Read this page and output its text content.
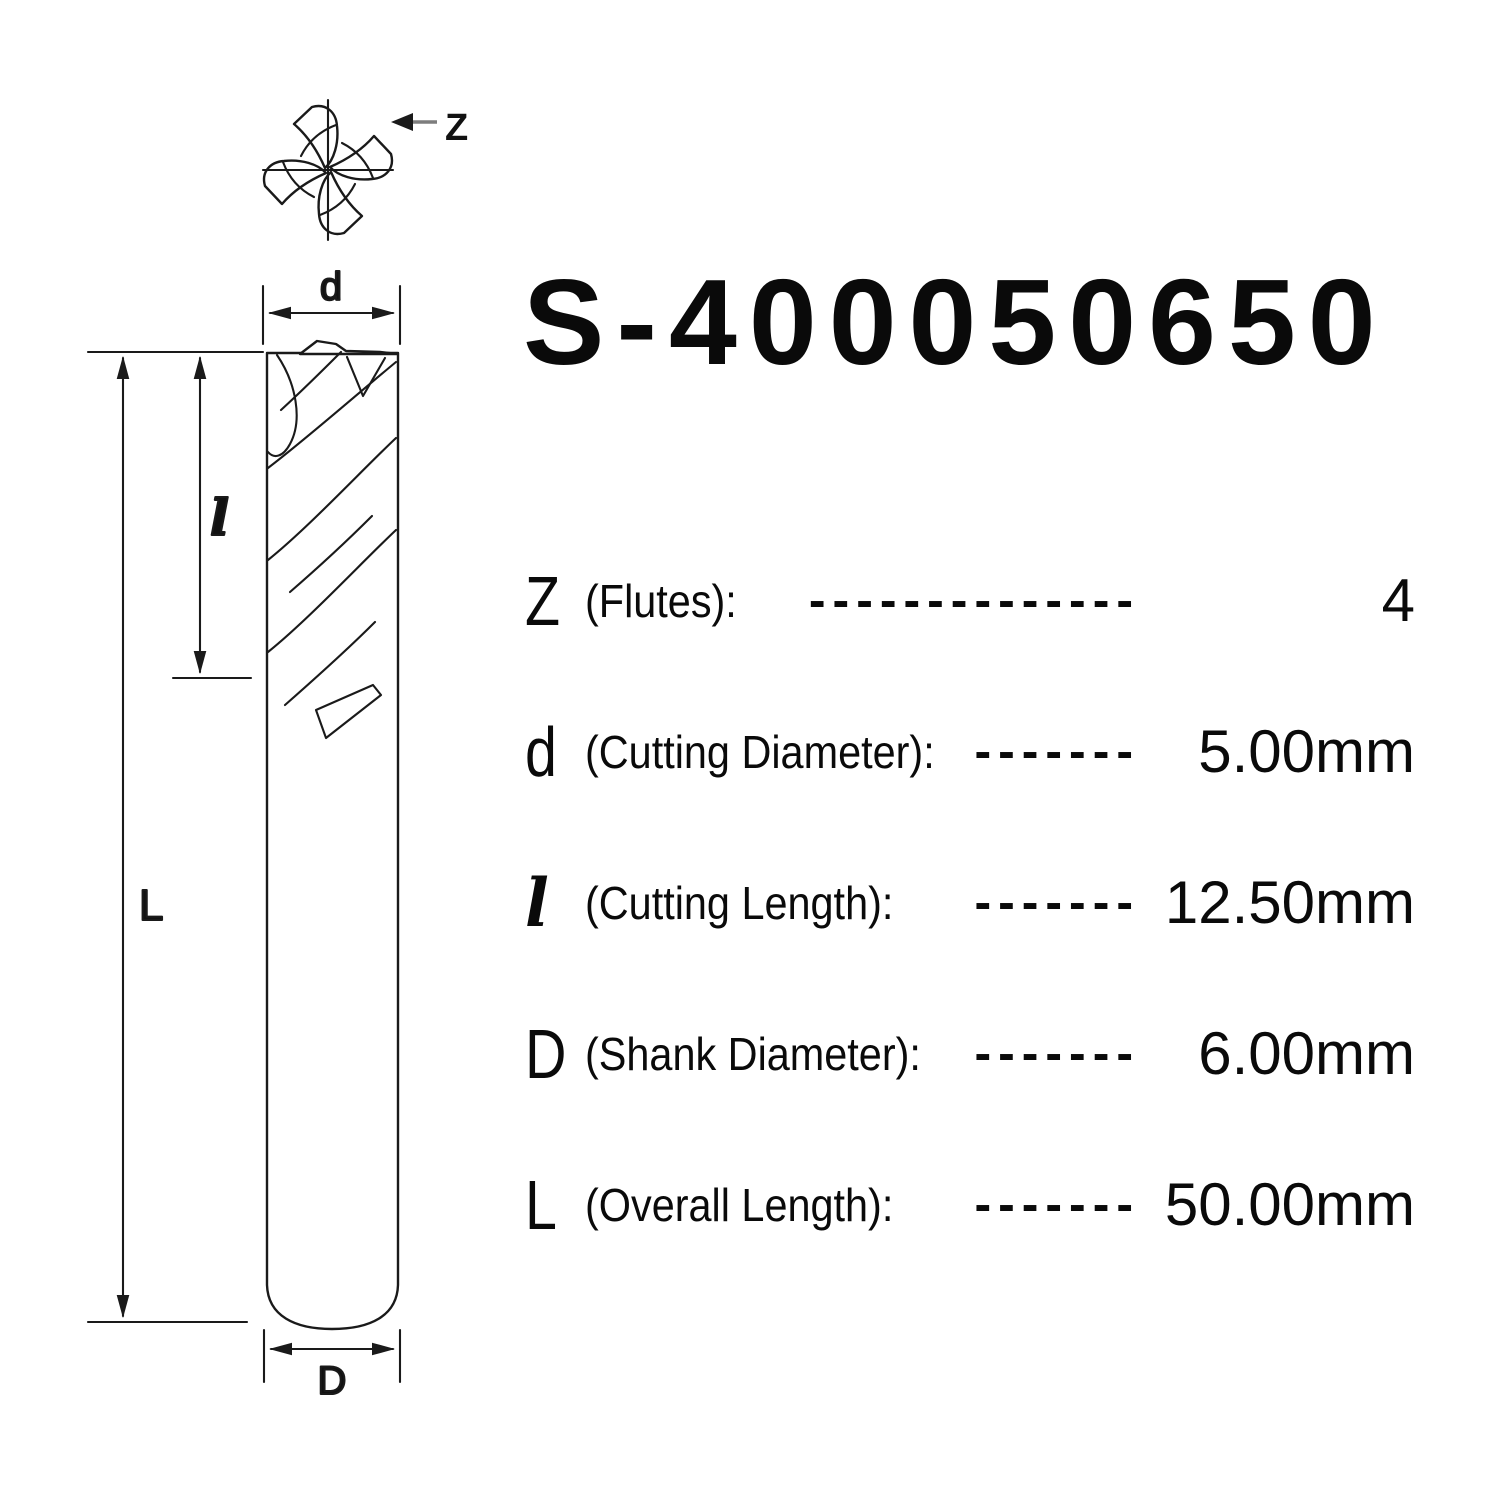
Z
d
L
l
D
S-400050650
Z (Flutes): --------------	4
d (Cutting Diameter): ------- 5.00mm
l (Cutting Length): ------- 12.50mm
D (Shank Diameter): ------- 6.00mm
L (Overall Length): ------- 50.00mm
